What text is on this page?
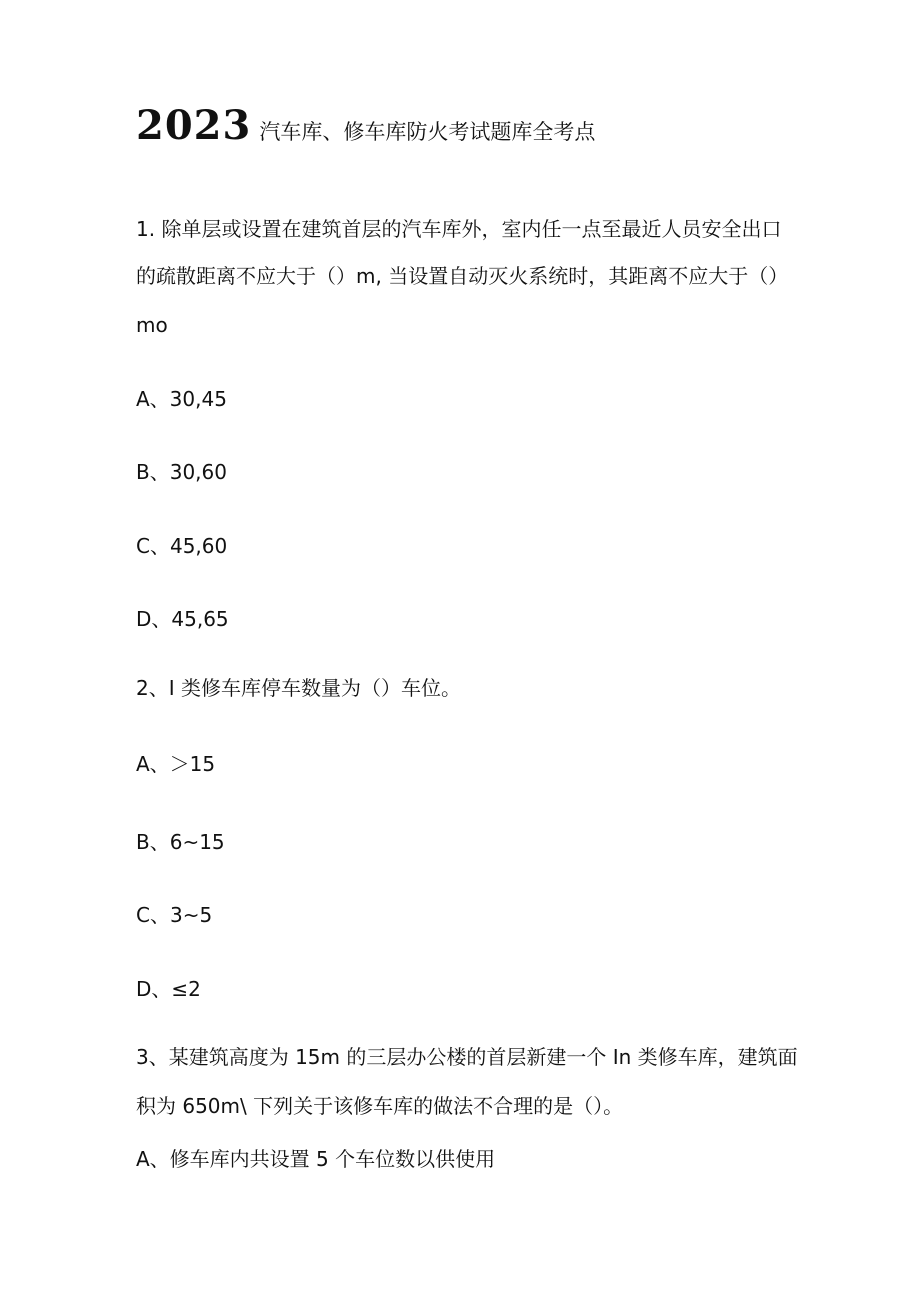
2023 汽车库、修车库防火考试题库全考点
1. 除单层或设置在建筑首层的汽车库外，室内任一点至最近人员安全出口
的疏散距离不应大于（）m, 当设置自动灭火系统时，其距离不应大于（）
mo
A、30,45
B、30,60
C、45,60
D、45,65
2、I 类修车库停车数量为（）车位。
A、＞15
B、6~15
C、3~5
D、≤2
3、某建筑高度为 15m 的三层办公楼的首层新建一个 In 类修车库，建筑面
积为 650m\ 下列关于该修车库的做法不合理的是（）。
A、修车库内共设置 5 个车位数以供使用
